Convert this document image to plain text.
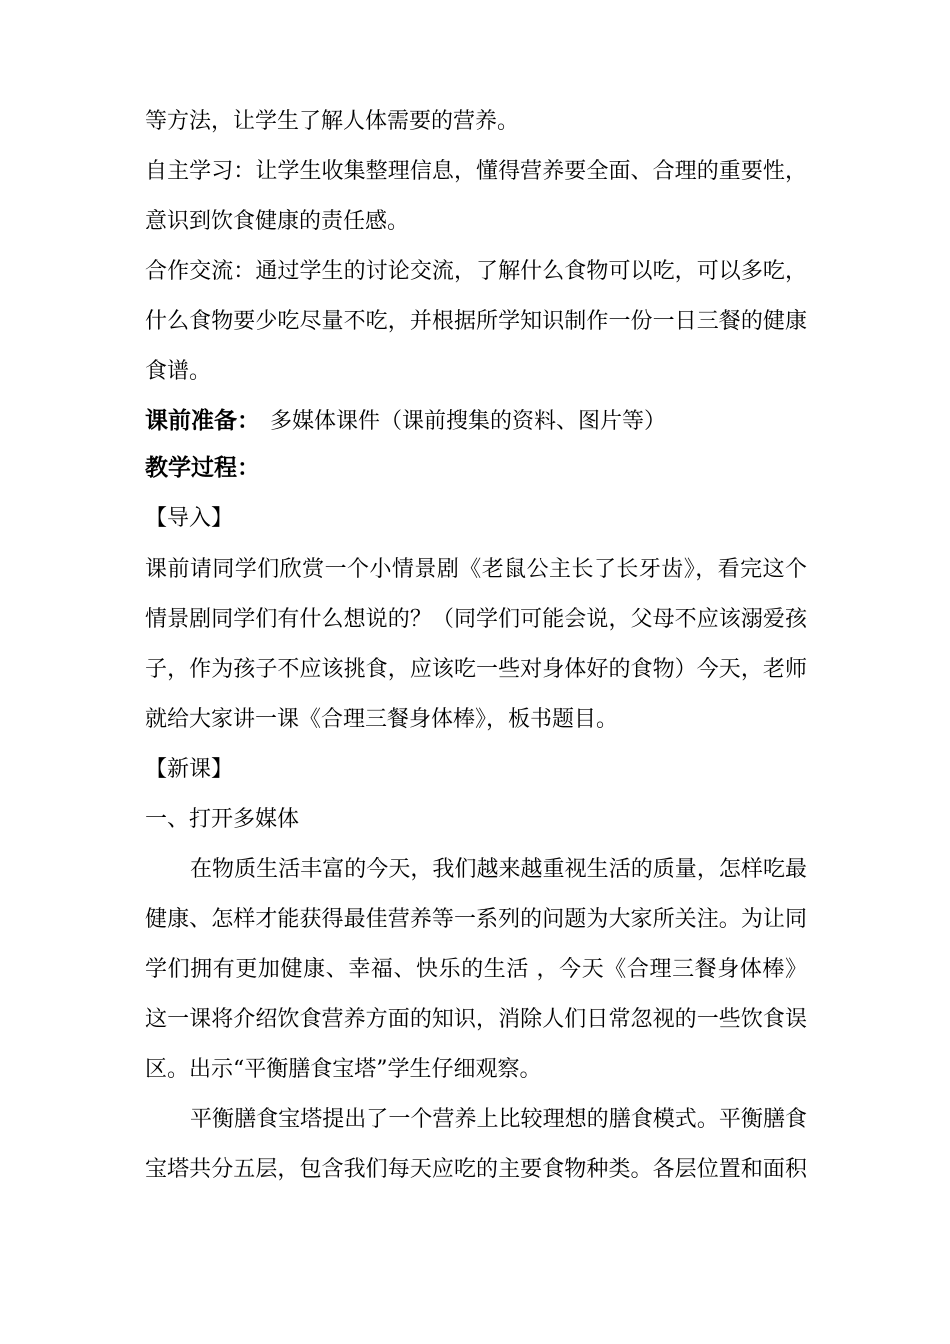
等方法，让学生了解人体需要的营养。
自主学习：让学生收集整理信息，懂得营养要全面、合理的重要性，
意识到饮食健康的责任感。
合作交流：通过学生的讨论交流，了解什么食物可以吃，可以多吃，
什么食物要少吃尽量不吃，并根据所学知识制作一份一日三餐的健康
食谱。
课前准备： 多媒体课件（课前搜集的资料、图片等）
教学过程：
【导入】
课前请同学们欣赏一个小情景剧《老鼠公主长了长牙齿》，看完这个
情景剧同学们有什么想说的？（同学们可能会说，父母不应该溺爱孩
子，作为孩子不应该挑食，应该吃一些对身体好的食物）今天，老师
就给大家讲一课《合理三餐身体棒》，板书题目。
【新课】
一、打开多媒体
在物质生活丰富的今天，我们越来越重视生活的质量，怎样吃最
健康、怎样才能获得最佳营养等一系列的问题为大家所关注。为让同
学们拥有更加健康、幸福、快乐的生活 ，今天《合理三餐身体棒》
这一课将介绍饮食营养方面的知识，消除人们日常忽视的一些饮食误
区。出示“平衡膳食宝塔”学生仔细观察。
平衡膳食宝塔提出了一个营养上比较理想的膳食模式。平衡膳食
宝塔共分五层，包含我们每天应吃的主要食物种类。各层位置和面积
